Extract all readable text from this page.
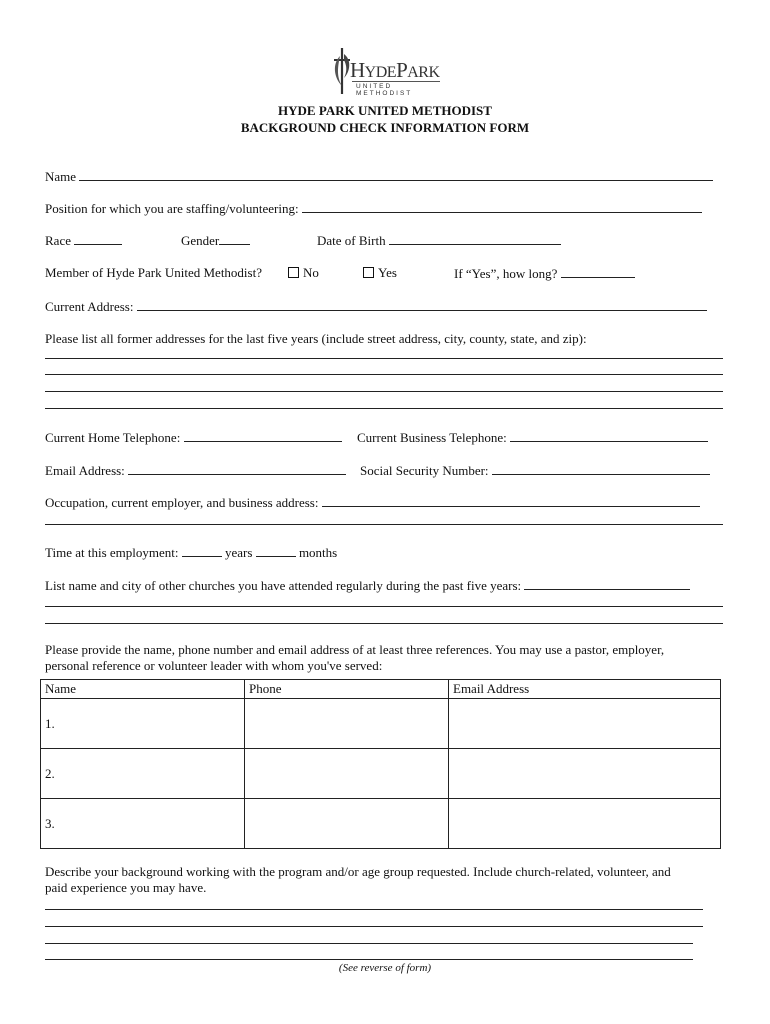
HYDEPARK
UNITED METHODIST
HYDE PARK UNITED METHODIST
BACKGROUND CHECK INFORMATION FORM
Name
Position for which you are staffing/volunteering:
Race	Gender	Date of Birth
Member of Hyde Park United Methodist?	No	Yes	If “Yes”, how long?
Current Address:
Please list all former addresses for the last five years (include street address, city, county, state, and zip):
Current Home Telephone:	Current Business Telephone:
Email Address:	Social Security Number:
Occupation, current employer, and business address:
Time at this employment:	years	months
List name and city of other churches you have attended regularly during the past five years:
Please provide the name, phone number and email address of at least three references. You may use a pastor, employer,
personal reference or volunteer leader with whom you've served:
Name	Phone	Email Address
1.		
2.		
3.		
Describe your background working with the program and/or age group requested. Include church-related, volunteer, and
paid experience you may have.
(See reverse of form)
